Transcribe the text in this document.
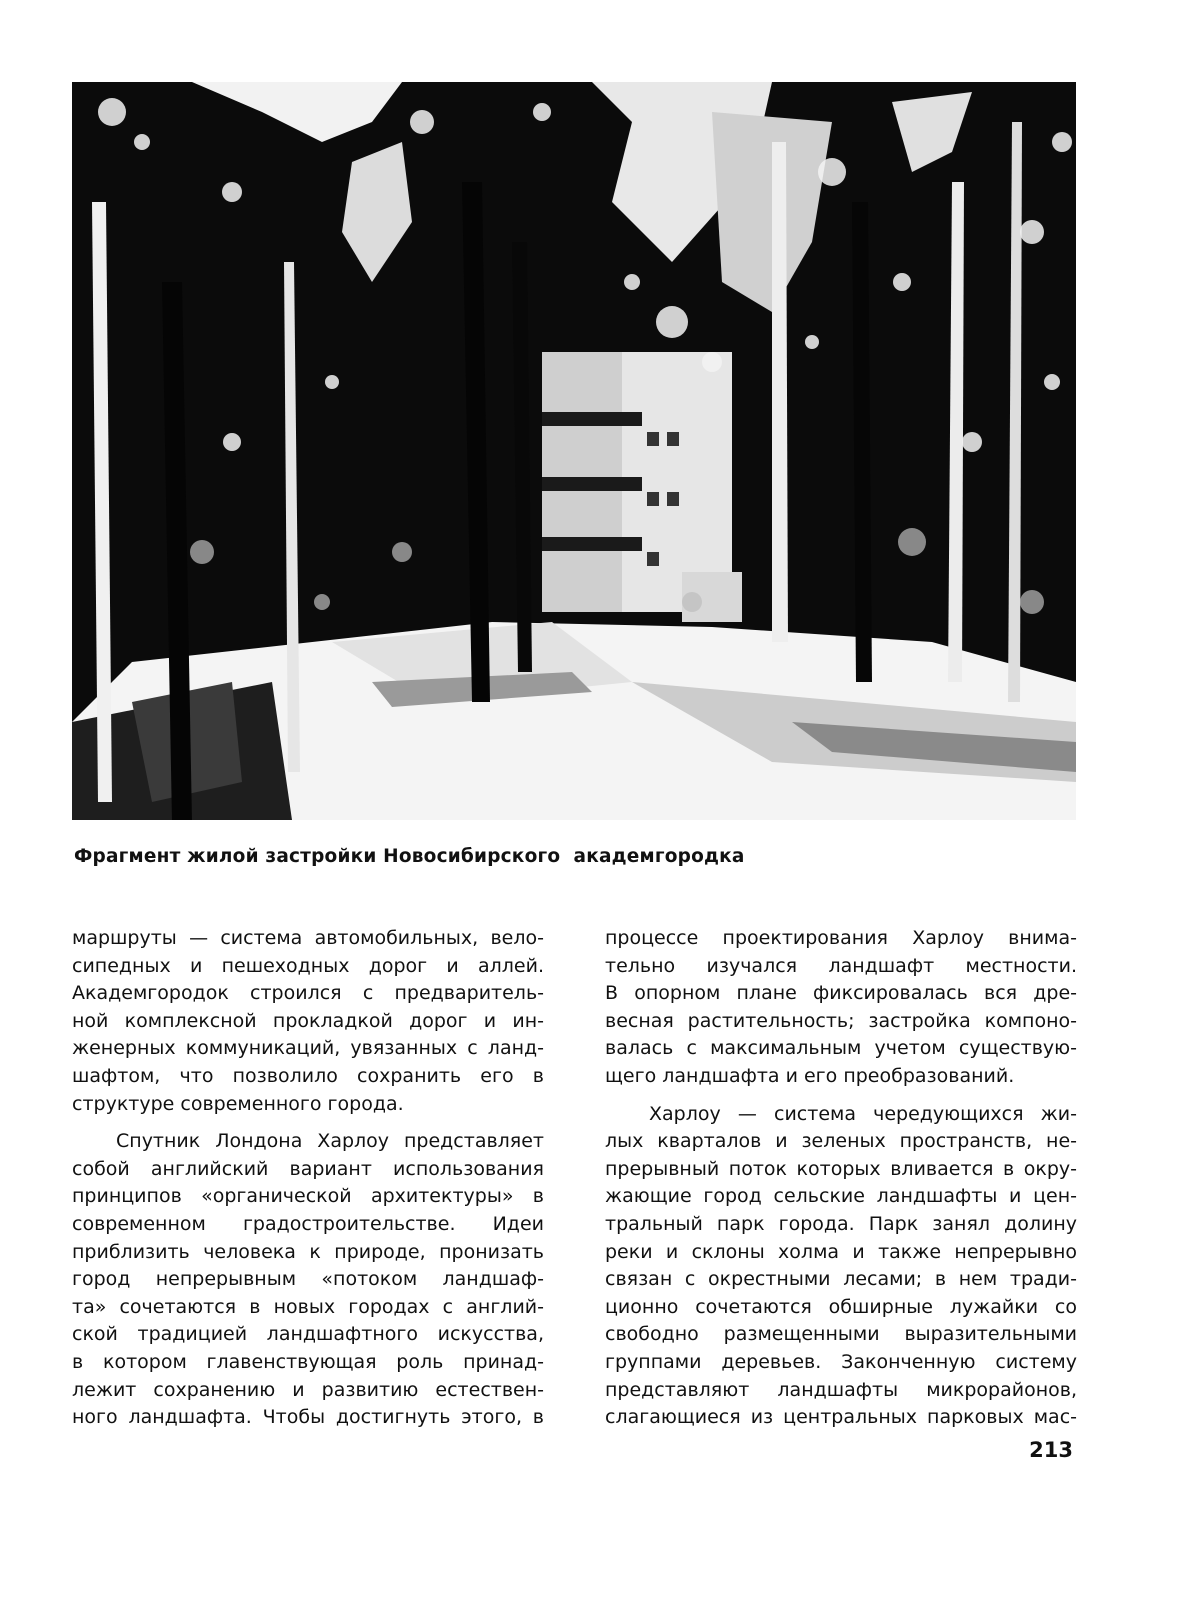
Фрагмент жилой застройки Новосибирского  академгородка

маршруты — система автомобильных, вело-
сипедных и пешеходных дорог и аллей.
Академгородок строился с предваритель-
ной комплексной прокладкой дорог и ин-
женерных коммуникаций, увязанных с ланд-
шафтом, что позволило сохранить его в
структуре современного города.
Спутник Лондона Харлоу представляет
собой английский вариант использования
принципов «органической архитектуры» в
современном градостроительстве. Идеи
приблизить человека к природе, пронизать
город непрерывным «потоком ландшаф-
та» сочетаются в новых городах с англий-
ской традицией ландшафтного искусства,
в котором главенствующая роль принад-
лежит сохранению и развитию естествен-
ного ландшафта. Чтобы достигнуть этого, в
процессе проектирования Харлоу внима-
тельно изучался ландшафт местности.
В опорном плане фиксировалась вся дре-
весная растительность; застройка компоно-
валась с максимальным учетом существую-
щего ландшафта и его преобразований.
Харлоу — система чередующихся жи-
лых кварталов и зеленых пространств, не-
прерывный поток которых вливается в окру-
жающие город сельские ландшафты и цен-
тральный парк города. Парк занял долину
реки и склоны холма и также непрерывно
связан с окрестными лесами; в нем тради-
ционно сочетаются обширные лужайки со
свободно размещенными выразительными
группами деревьев. Законченную систему
представляют ландшафты микрорайонов,
слагающиеся из центральных парковых мас-
213
